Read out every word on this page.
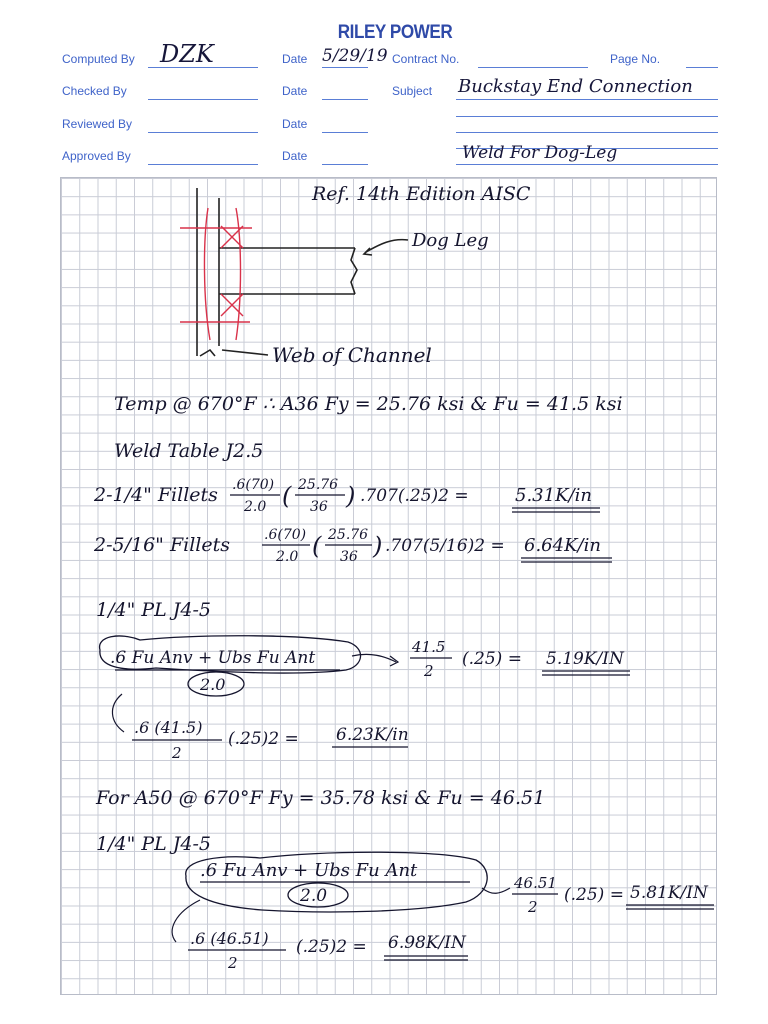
RILEY POWER
Computed By DZK	Date 5/29/19 Contract No.	Page No.
Checked By	Date	Subject Buckstay End Connection
Reviewed By	Date
Approved By	Date	Weld For Dog-Leg
Ref. 14th Edition AISC
Dog Leg
Web of Channel
Temp @ 670°F ∴ A36 Fy = 25.76 ksi & Fu = 41.5 ksi
Weld Table J2.5
2-1/4" Fillets .6(70)
2.0 ( 25.76
36 ) .707(.25)2 =	5.31K/in
2-5/16" Fillets .6(70)
2.0 ( 25.76
36 ) .707(5/16)2 = 6.64K/in
1/4" PL J4-5
.6 Fu Anv + Ubs Fu Ant
2.0
41.5
2
(.25) = 5.19K/IN
.6 (41.5)
2
(.25)2 = 6.23K/in
For A50 @ 670°F Fy = 35.78 ksi & Fu = 46.51
1/4" PL J4-5
.6 Fu Anv + Ubs Fu Ant
2.0
46.51
2
(.25) = 5.81K/IN
.6 (46.51)
2
(.25)2 = 6.98K/IN
